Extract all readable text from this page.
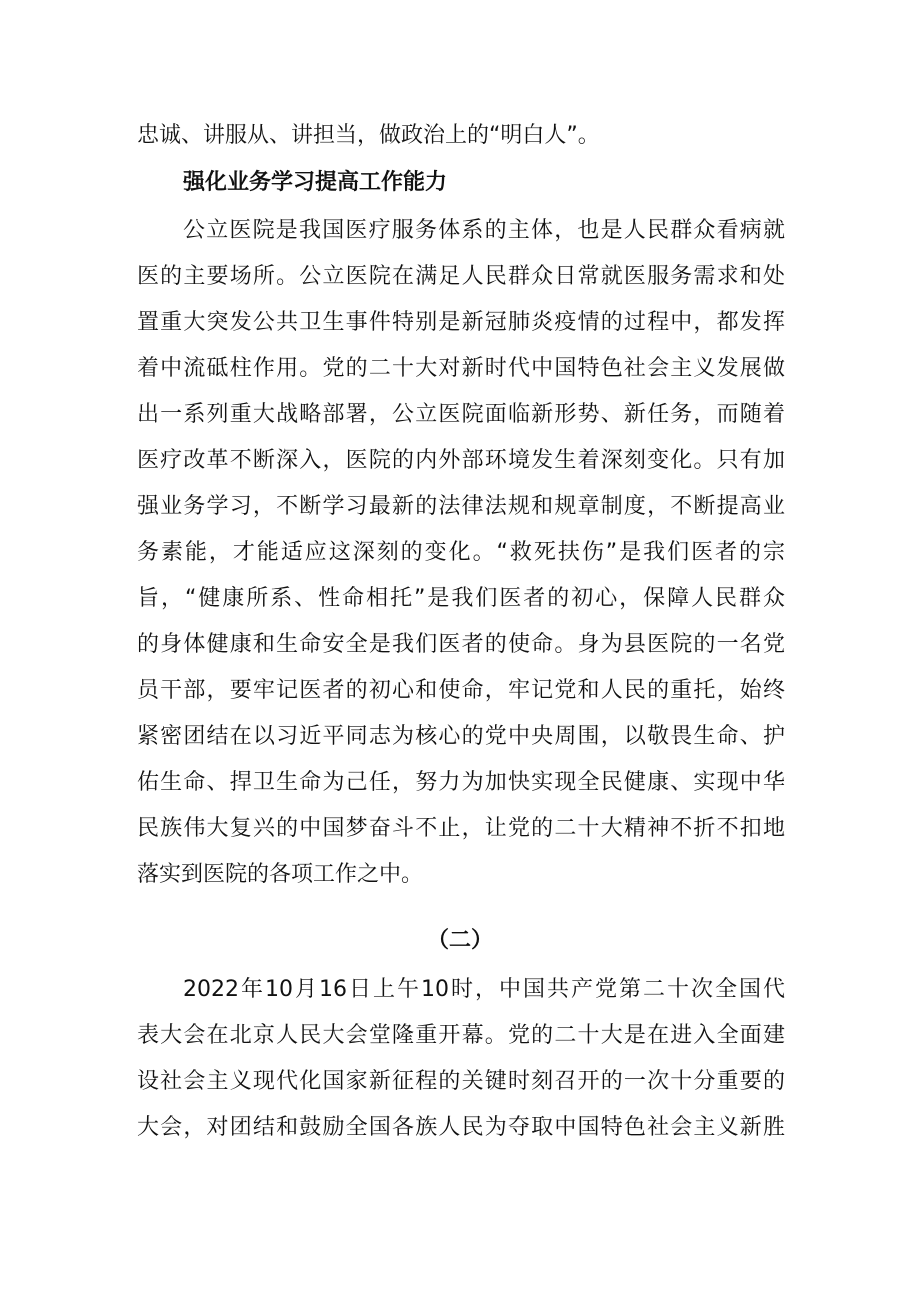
忠诚、讲服从、讲担当，做政治上的“明白人”。
强化业务学习提高工作能力
公立医院是我国医疗服务体系的主体，也是人民群众看病就
医的主要场所。公立医院在满足人民群众日常就医服务需求和处
置重大突发公共卫生事件特别是新冠肺炎疫情的过程中，都发挥
着中流砥柱作用。党的二十大对新时代中国特色社会主义发展做
出一系列重大战略部署，公立医院面临新形势、新任务，而随着
医疗改革不断深入，医院的内外部环境发生着深刻变化。只有加
强业务学习，不断学习最新的法律法规和规章制度，不断提高业
务素能，才能适应这深刻的变化。“救死扶伤”是我们医者的宗
旨，“健康所系、性命相托”是我们医者的初心，保障人民群众
的身体健康和生命安全是我们医者的使命。身为县医院的一名党
员干部，要牢记医者的初心和使命，牢记党和人民的重托，始终
紧密团结在以习近平同志为核心的党中央周围，以敬畏生命、护
佑生命、捍卫生命为己任，努力为加快实现全民健康、实现中华
民族伟大复兴的中国梦奋斗不止，让党的二十大精神不折不扣地
落实到医院的各项工作之中。
（二）
2022年10月16日上午10时，中国共产党第二十次全国代
表大会在北京人民大会堂隆重开幕。党的二十大是在进入全面建
设社会主义现代化国家新征程的关键时刻召开的一次十分重要的
大会，对团结和鼓励全国各族人民为夺取中国特色社会主义新胜
